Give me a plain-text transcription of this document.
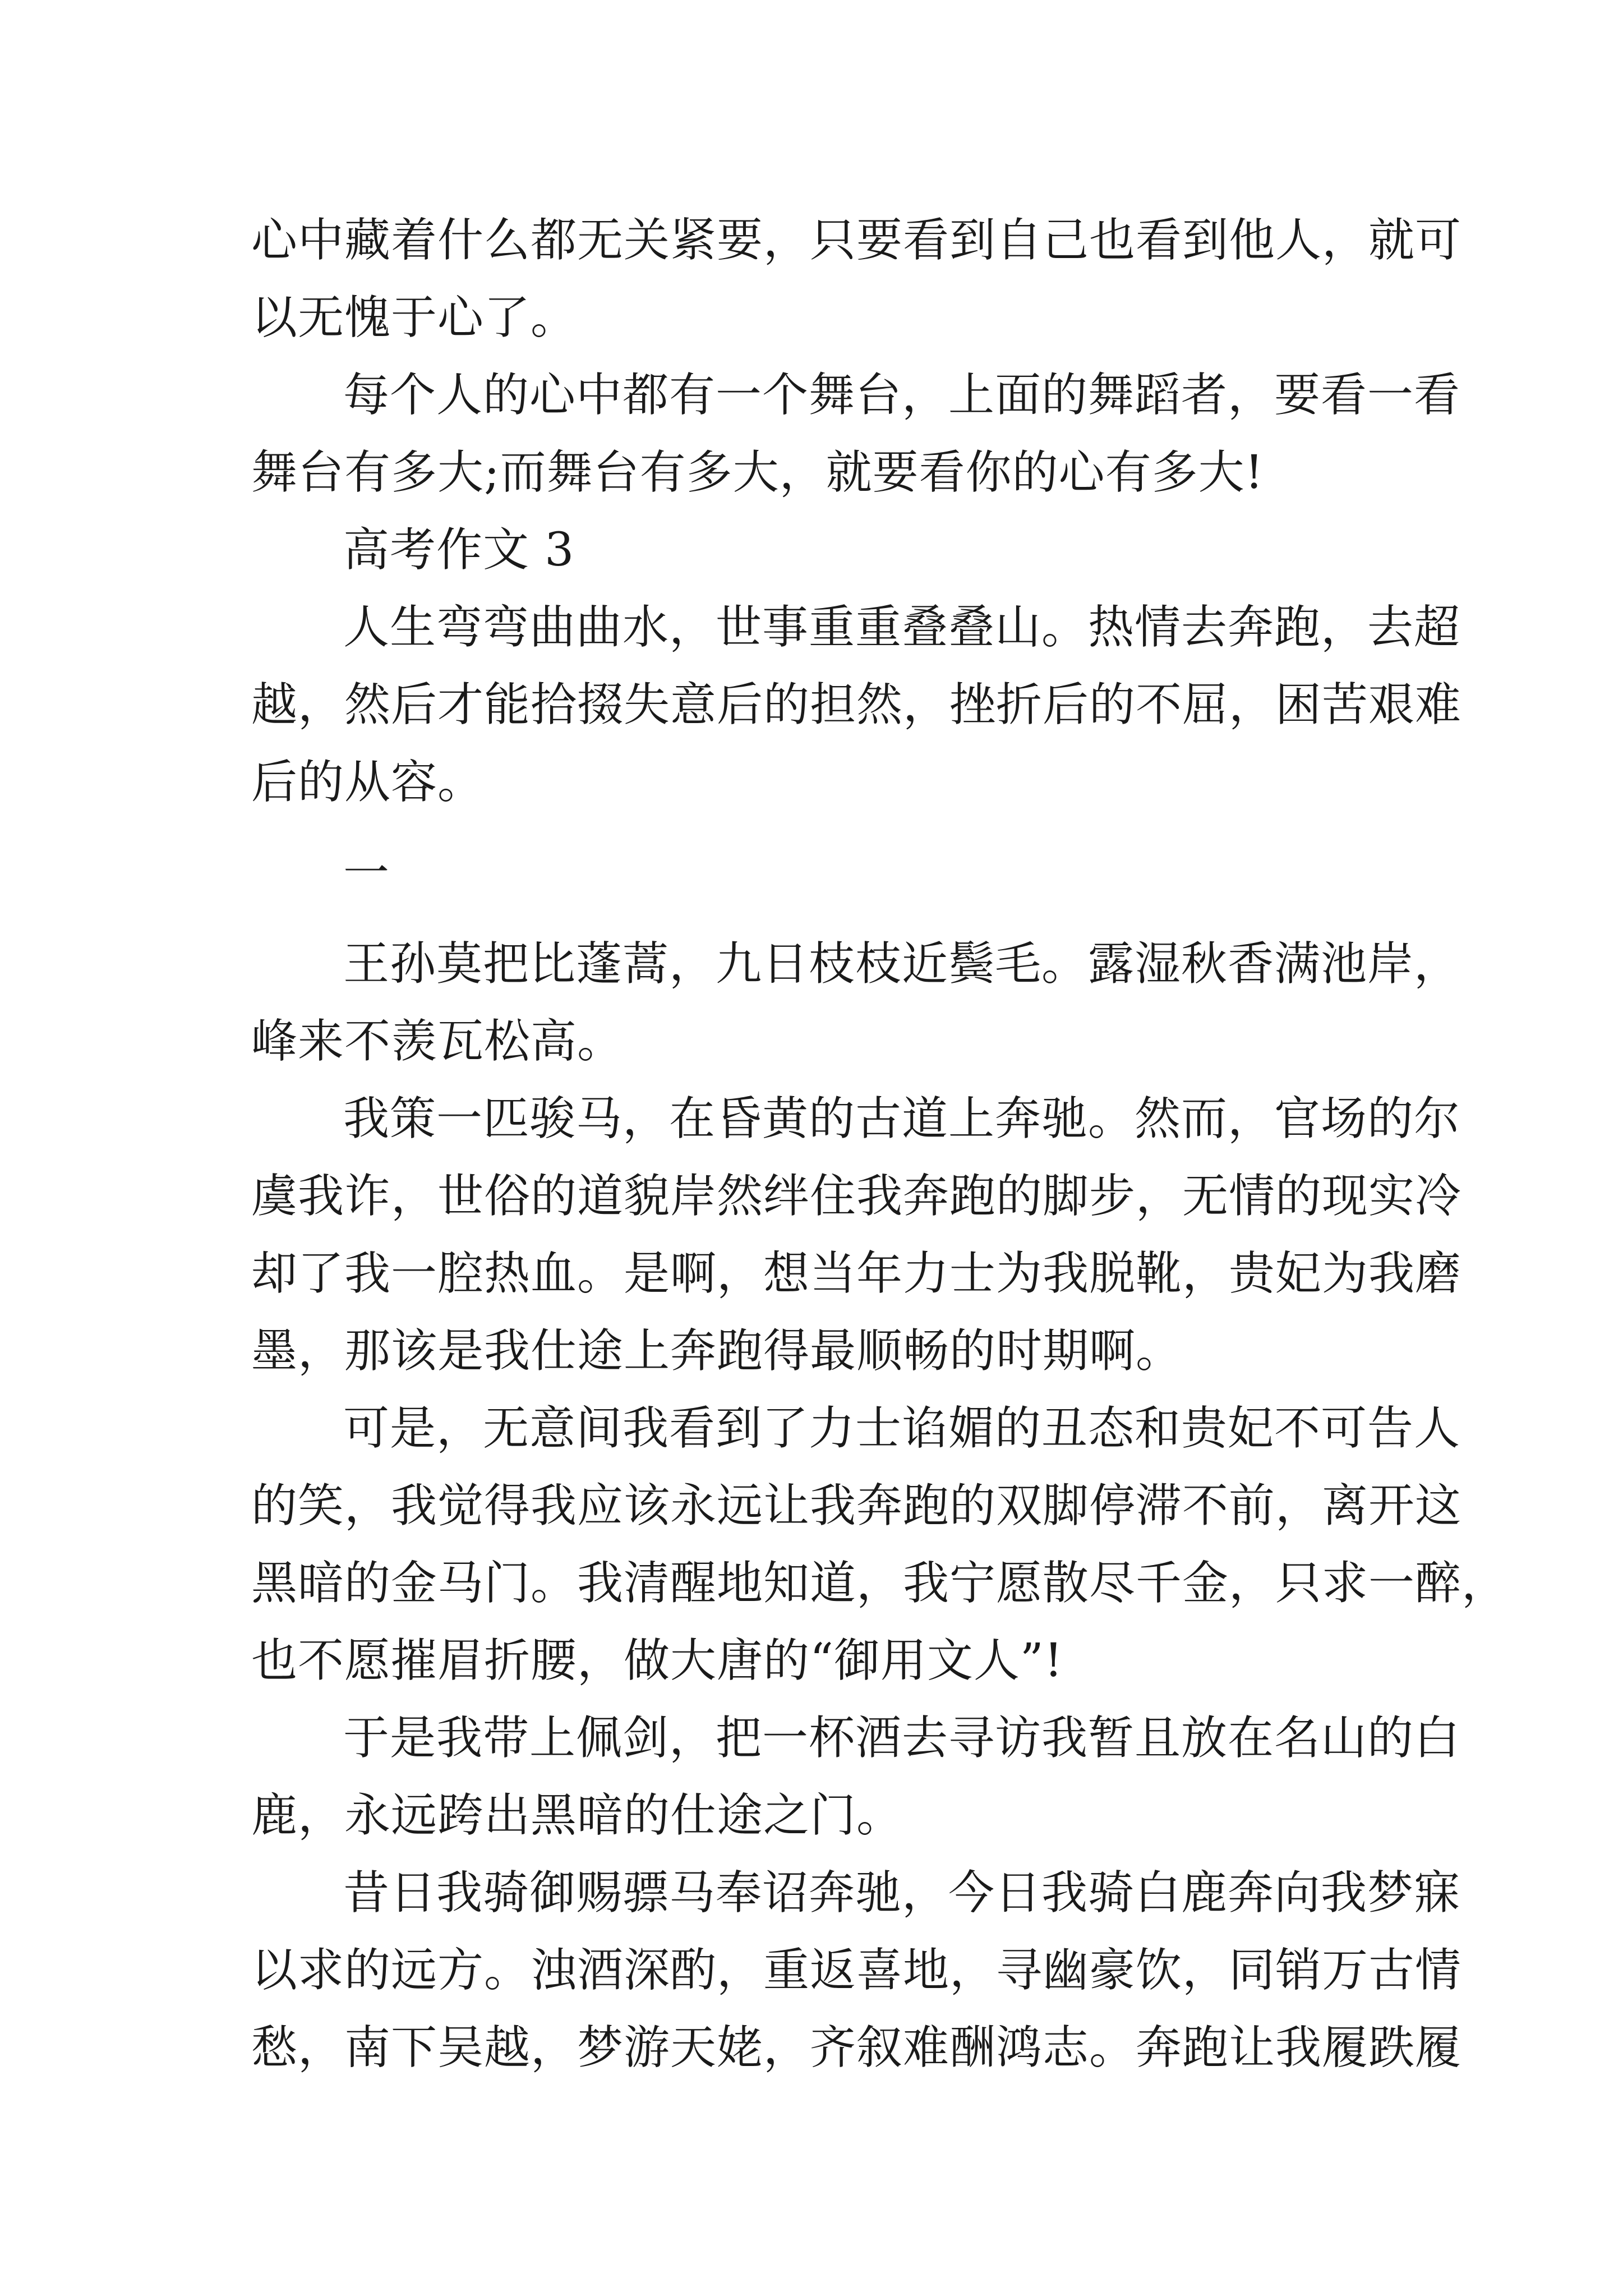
心中藏着什么都无关紧要，只要看到自己也看到他人，就可
以无愧于心了。
每个人的心中都有一个舞台，上面的舞蹈者，要看一看
舞台有多大;而舞台有多大，就要看你的心有多大!
高考作文 3
人生弯弯曲曲水，世事重重叠叠山。热情去奔跑，去超
越，然后才能拾掇失意后的担然，挫折后的不屈，困苦艰难
后的从容。
一
王孙莫把比蓬蒿，九日枝枝近鬓毛。露湿秋香满池岸，
峰来不羡瓦松高。
我策一匹骏马，在昏黄的古道上奔驰。然而，官场的尔
虞我诈，世俗的道貌岸然绊住我奔跑的脚步，无情的现实冷
却了我一腔热血。是啊，想当年力士为我脱靴，贵妃为我磨
墨，那该是我仕途上奔跑得最顺畅的时期啊。
可是，无意间我看到了力士谄媚的丑态和贵妃不可告人
的笑，我觉得我应该永远让我奔跑的双脚停滞不前，离开这
黑暗的金马门。我清醒地知道，我宁愿散尽千金，只求一醉，
也不愿摧眉折腰，做大唐的“御用文人”!
于是我带上佩剑，把一杯酒去寻访我暂且放在名山的白
鹿，永远跨出黑暗的仕途之门。
昔日我骑御赐骠马奉诏奔驰，今日我骑白鹿奔向我梦寐
以求的远方。浊酒深酌，重返喜地，寻幽豪饮，同销万古情
愁，南下吴越，梦游天姥，齐叙难酬鸿志。奔跑让我履跌履
